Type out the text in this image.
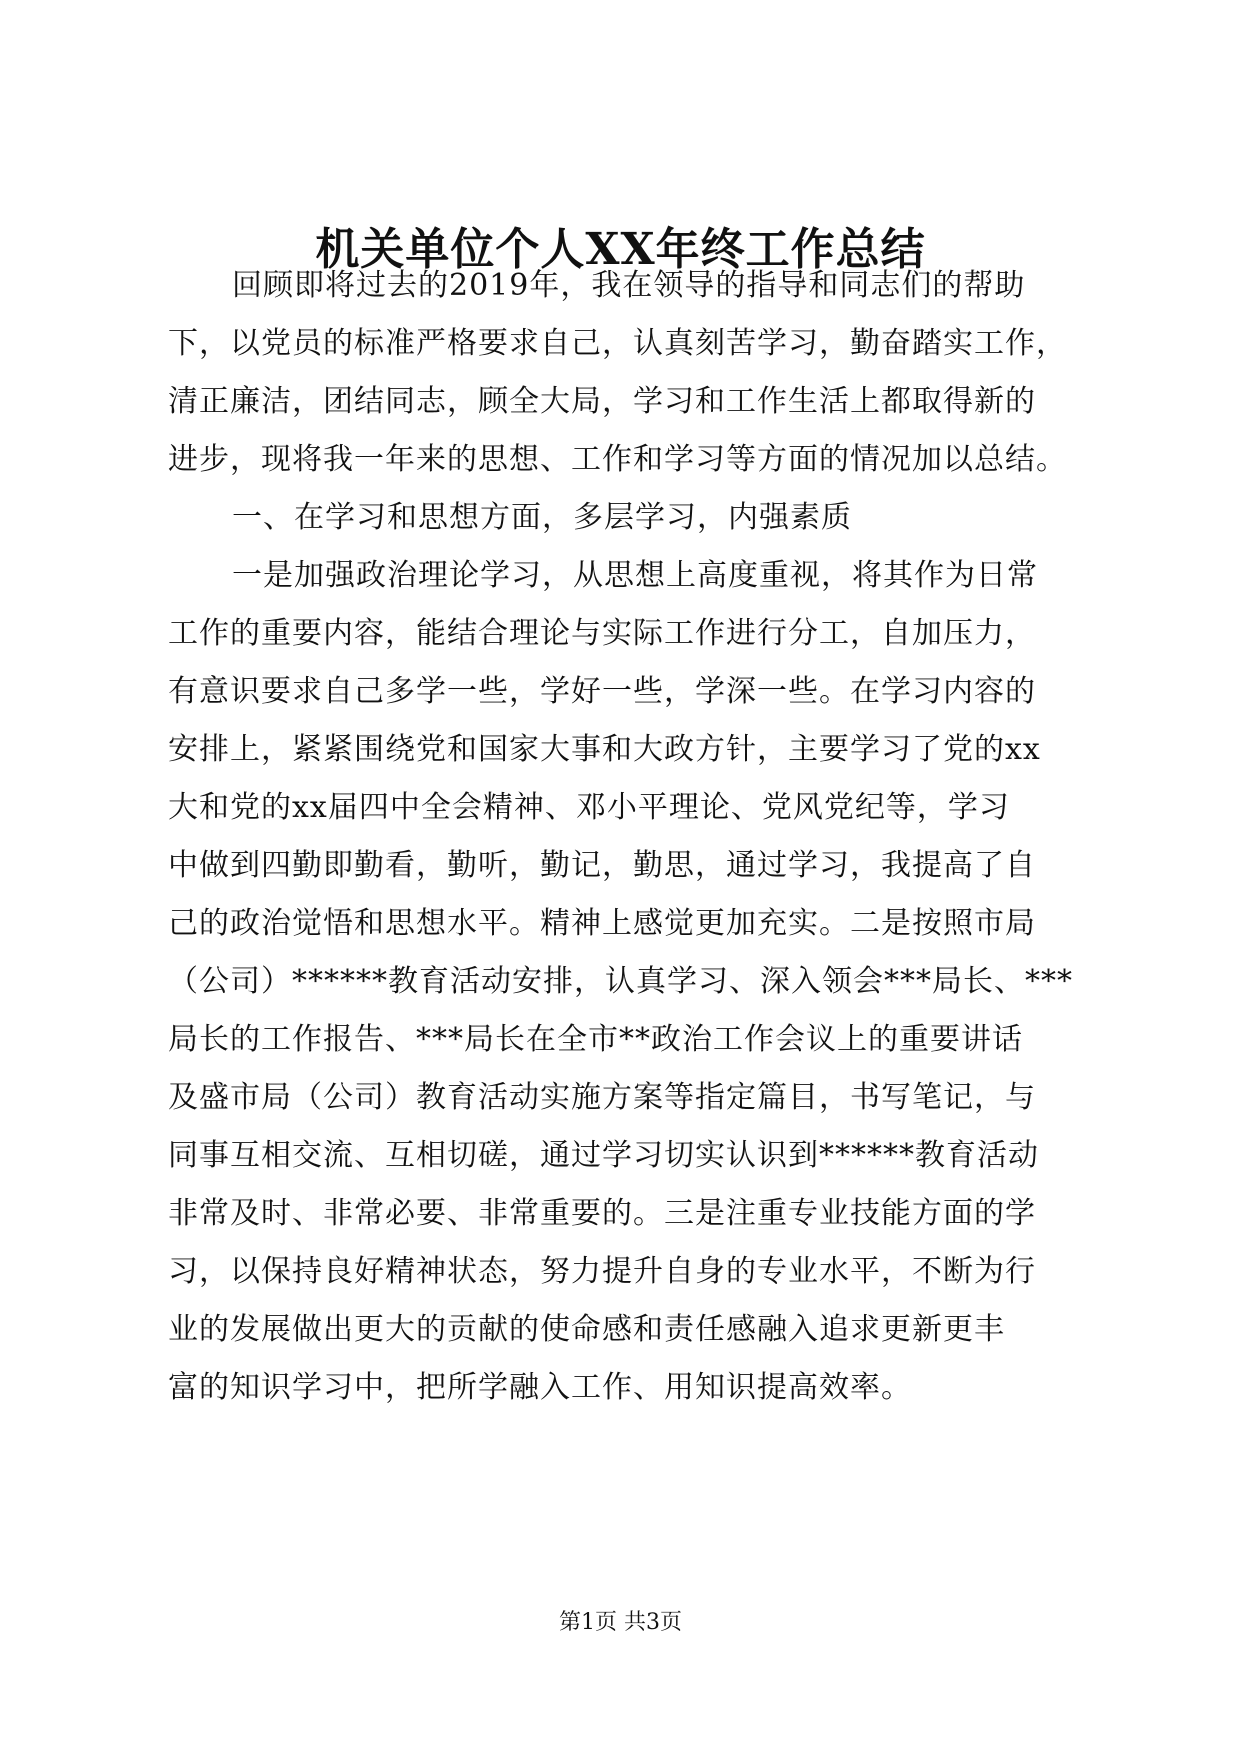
机关单位个人XX年终工作总结
回顾即将过去的2019年，我在领导的指导和同志们的帮助
下，以党员的标准严格要求自己，认真刻苦学习，勤奋踏实工作，
清正廉洁，团结同志，顾全大局，学习和工作生活上都取得新的
进步，现将我一年来的思想、工作和学习等方面的情况加以总结。
一、在学习和思想方面，多层学习，内强素质
一是加强政治理论学习，从思想上高度重视，将其作为日常
工作的重要内容，能结合理论与实际工作进行分工，自加压力，
有意识要求自己多学一些，学好一些，学深一些。在学习内容的
安排上，紧紧围绕党和国家大事和大政方针，主要学习了党的xx
大和党的xx届四中全会精神、邓小平理论、党风党纪等，学习
中做到四勤即勤看，勤听，勤记，勤思，通过学习，我提高了自
己的政治觉悟和思想水平。精神上感觉更加充实。二是按照市局
（公司）******教育活动安排，认真学习、深入领会***局长、***
局长的工作报告、***局长在全市**政治工作会议上的重要讲话
及盛市局（公司）教育活动实施方案等指定篇目，书写笔记，与
同事互相交流、互相切磋，通过学习切实认识到******教育活动
非常及时、非常必要、非常重要的。三是注重专业技能方面的学
习，以保持良好精神状态，努力提升自身的专业水平，不断为行
业的发展做出更大的贡献的使命感和责任感融入追求更新更丰
富的知识学习中，把所学融入工作、用知识提高效率。
第1页 共3页
